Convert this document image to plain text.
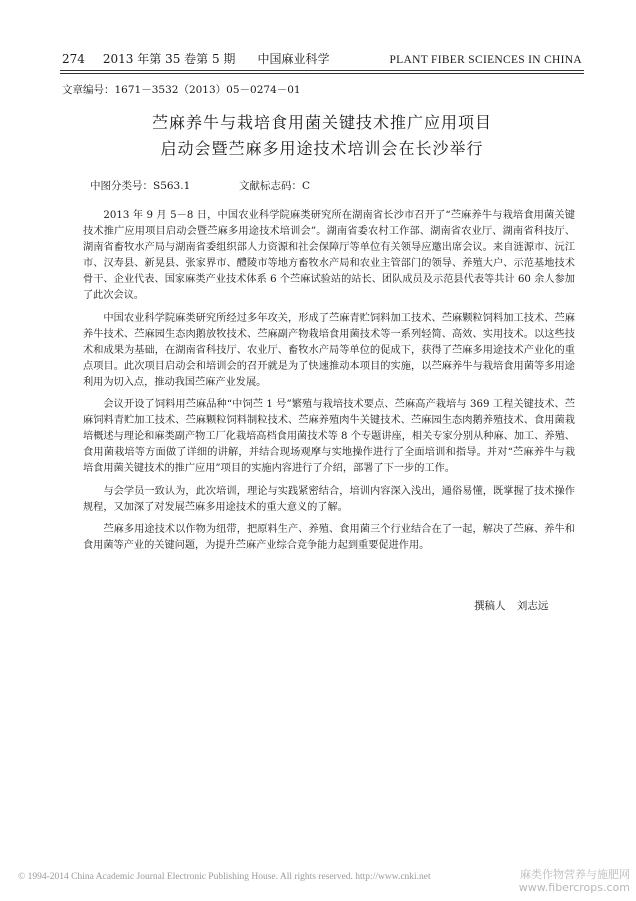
274 2013 年第 35 卷第 5 期 中国麻业科学	PLANT FIBER SCIENCES IN CHINA
文章编号：1671－3532（2013）05－0274－01
苎麻养牛与栽培食用菌关键技术推广应用项目
启动会暨苎麻多用途技术培训会在长沙举行
中图分类号：S563.1	文献标志码：C

2013 年 9 月 5－8 日，中国农业科学院麻类研究所在湖南省长沙市召开了“苎麻养牛与栽培食用菌关键技术推广应用项目启动会暨苎麻多用途技术培训会”。湖南省委农村工作部、湖南省农业厅、湖南省科技厅、湖南省畜牧水产局与湖南省委组织部人力资源和社会保障厅等单位有关领导应邀出席会议。来自涟源市、沅江市、汉寿县、新晃县、张家界市、醴陵市等地方畜牧水产局和农业主管部门的领导、养殖大户、示范基地技术骨干、企业代表、国家麻类产业技术体系 6 个苎麻试验站的站长、团队成员及示范县代表等共计 60 余人参加了此次会议。

中国农业科学院麻类研究所经过多年攻关，形成了苎麻青贮饲料加工技术、苎麻颗粒饲料加工技术、苎麻养牛技术、苎麻园生态肉鹅放牧技术、苎麻副产物栽培食用菌技术等一系列轻简、高效、实用技术。以这些技术和成果为基础，在湖南省科技厅、农业厅、畜牧水产局等单位的促成下，获得了苎麻多用途技术产业化的重点项目。此次项目启动会和培训会的召开就是为了快速推动本项目的实施，以苎麻养牛与栽培食用菌等多用途利用为切入点，推动我国苎麻产业发展。

会议开设了饲料用苎麻品种“中饲苎 1 号”繁殖与栽培技术要点、苎麻高产栽培与 369 工程关键技术、苎麻饲料青贮加工技术、苎麻颗粒饲料制粒技术、苎麻养殖肉牛关键技术、苎麻园生态肉鹅养殖技术、食用菌栽培概述与理论和麻类副产物工厂化栽培高档食用菌技术等 8 个专题讲座，相关专家分别从种麻、加工、养殖、食用菌栽培等方面做了详细的讲解，并结合现场观摩与实地操作进行了全面培训和指导。并对“苎麻养牛与栽培食用菌关键技术的推广应用”项目的实施内容进行了介绍，部署了下一步的工作。

与会学员一致认为，此次培训，理论与实践紧密结合，培训内容深入浅出，通俗易懂，既掌握了技术操作规程，又加深了对发展苎麻多用途技术的重大意义的了解。

苎麻多用途技术以作物为纽带，把原料生产、养殖、食用菌三个行业结合在了一起，解决了苎麻、养牛和食用菌等产业的关键问题，为提升苎麻产业综合竞争能力起到重要促进作用。

撰稿人 刘志远
© 1994-2014 China Academic Journal Electronic Publishing House. All rights reserved. http://www.cnki.net	麻类作物营养与施肥网
www.fibercrops.com
